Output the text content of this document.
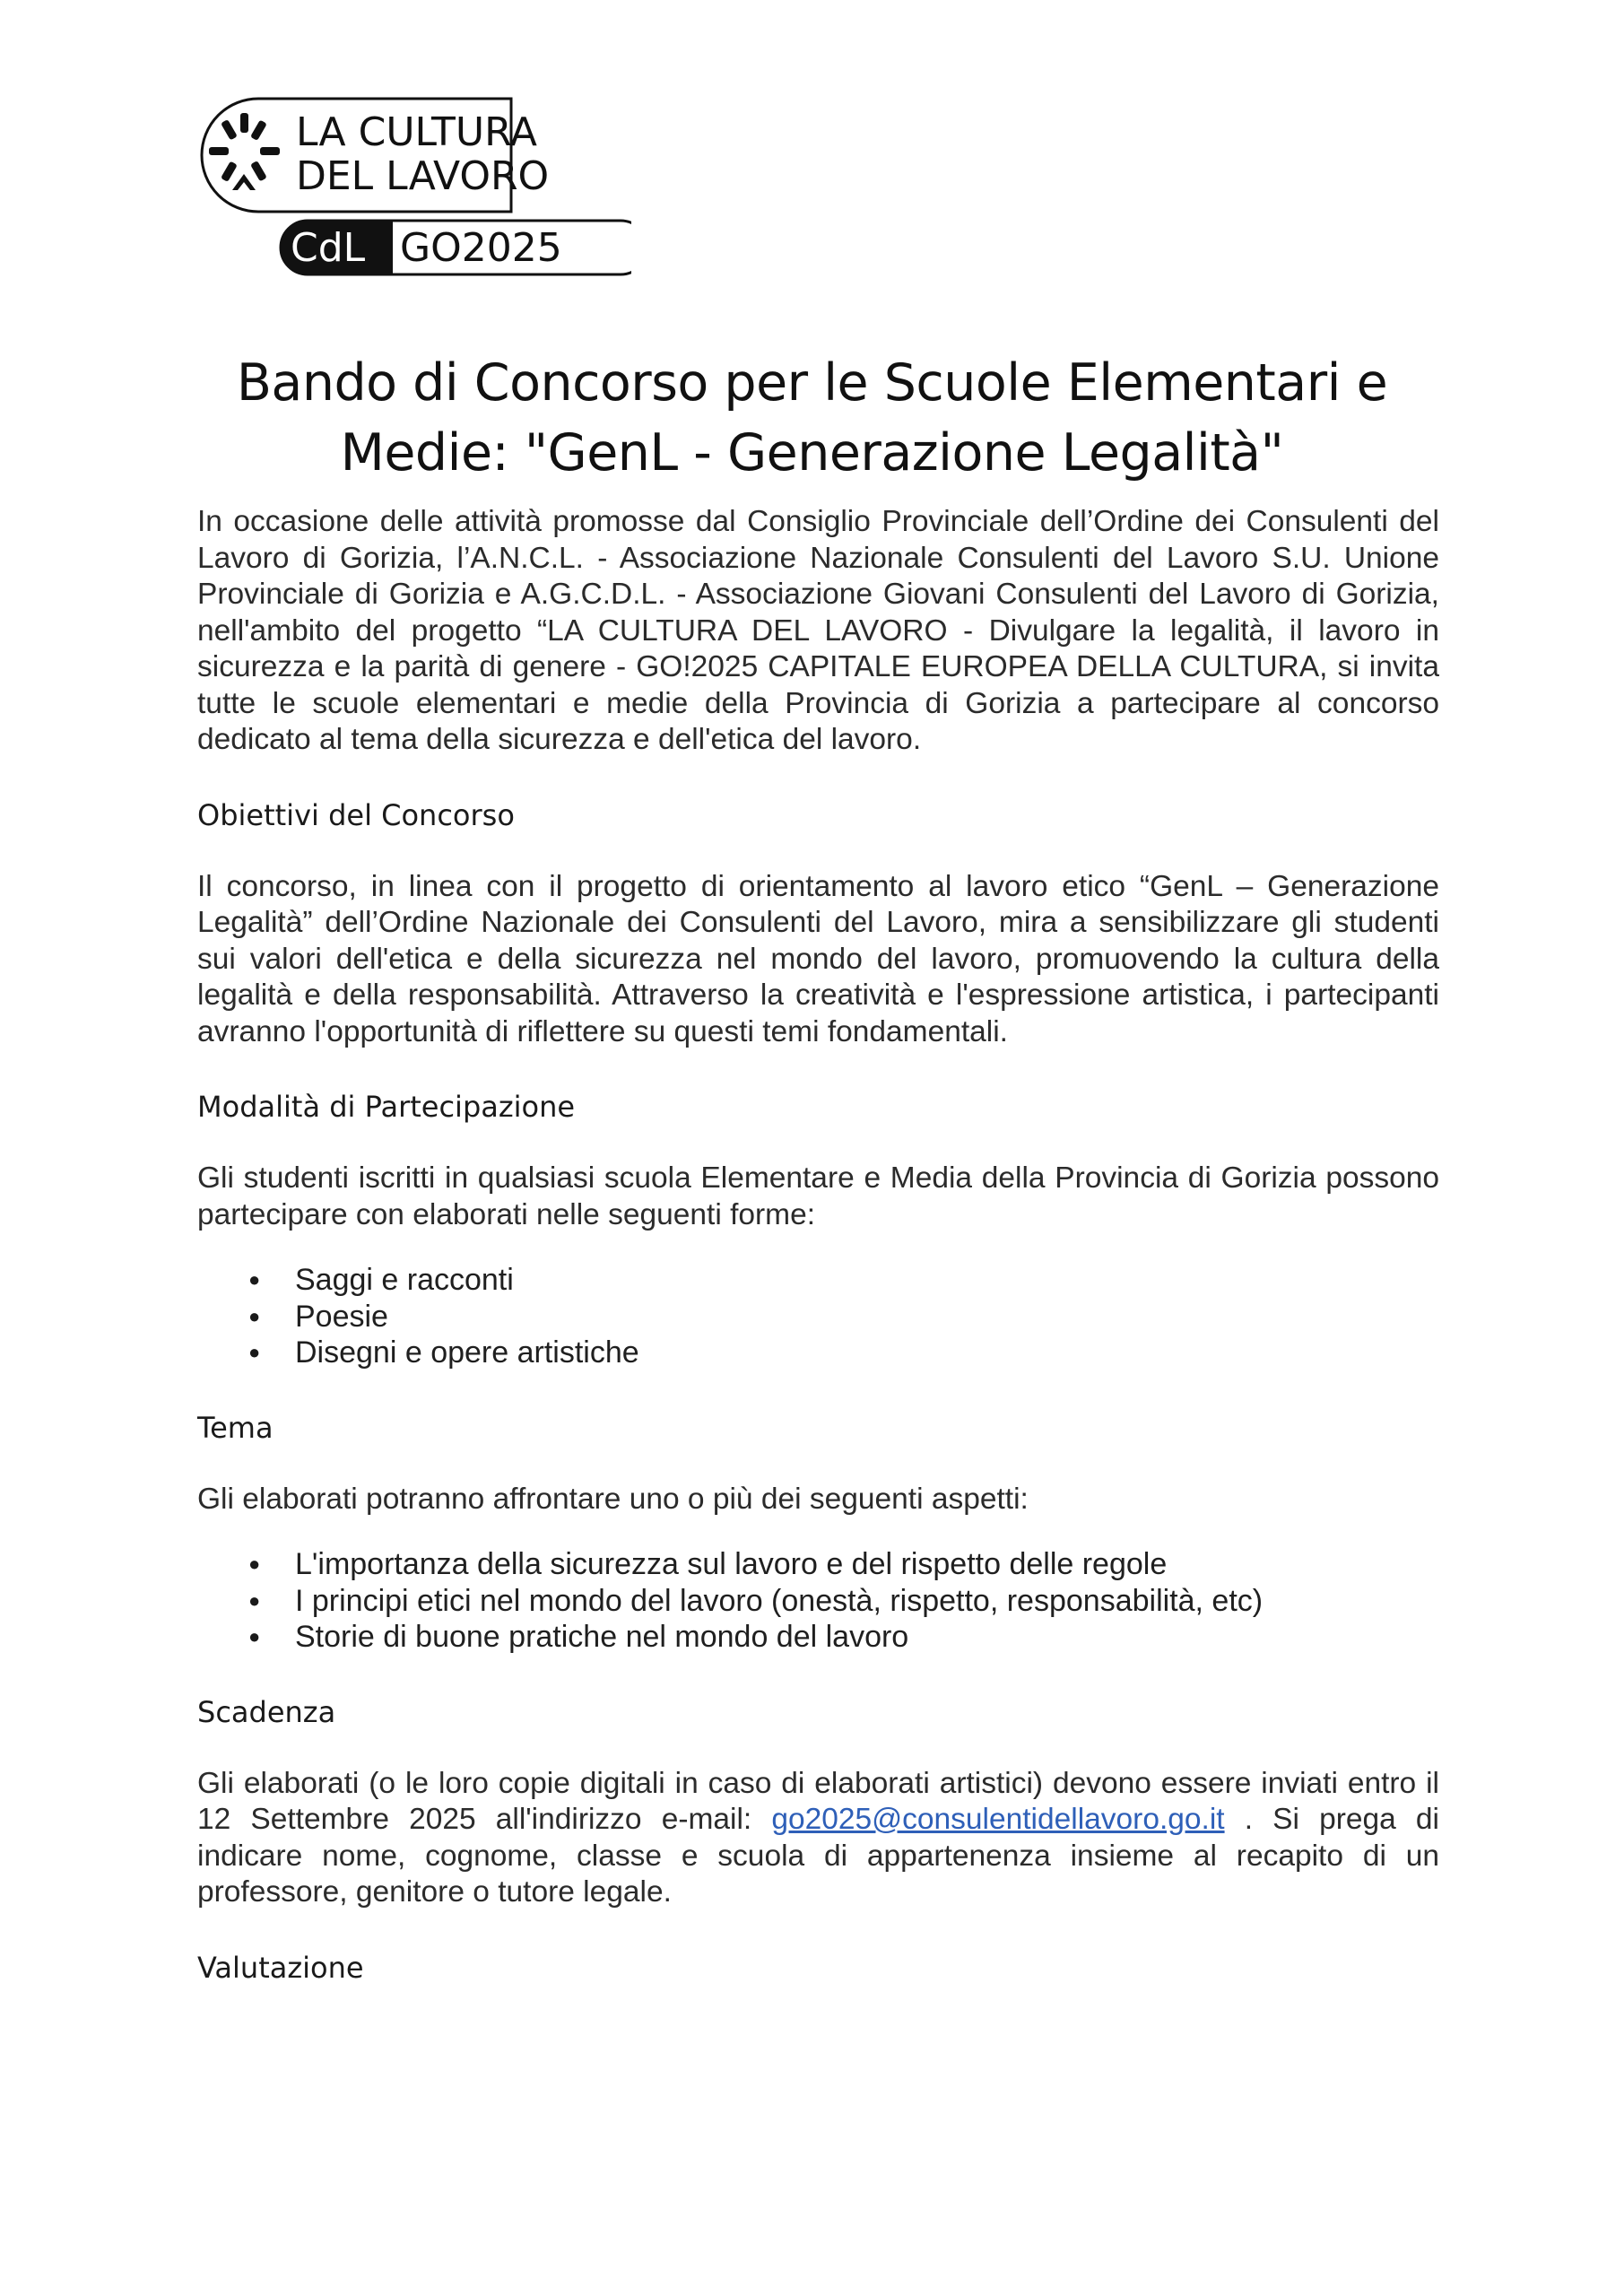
LA CULTURA
DEL LAVORO
CdL GO2025
Bando di Concorso per le Scuole Elementari e
Medie: "GenL - Generazione Legalità"

In occasione delle attività promosse dal Consiglio Provinciale dell’Ordine dei Consulenti del Lavoro di Gorizia, l’A.N.C.L. - Associazione Nazionale Consulenti del Lavoro S.U. Unione Provinciale di Gorizia e A.G.C.D.L. - Associazione Giovani Consulenti del Lavoro di Gorizia, nell'ambito del progetto “LA CULTURA DEL LAVORO - Divulgare la legalità, il lavoro in sicurezza e la parità di genere - GO!2025 CAPITALE EUROPEA DELLA CULTURA, si invita tutte le scuole elementari e medie della Provincia di Gorizia a partecipare al concorso dedicato al tema della sicurezza e dell'etica del lavoro.

Obiettivi del Concorso

Il concorso, in linea con il progetto di orientamento al lavoro etico “GenL – Generazione Legalità” dell’Ordine Nazionale dei Consulenti del Lavoro, mira a sensibilizzare gli studenti sui valori dell'etica e della sicurezza nel mondo del lavoro, promuovendo la cultura della legalità e della responsabilità. Attraverso la creatività e l'espressione artistica, i partecipanti avranno l'opportunità di riflettere su questi temi fondamentali.

Modalità di Partecipazione

Gli studenti iscritti in qualsiasi scuola Elementare e Media della Provincia di Gorizia possono partecipare con elaborati nelle seguenti forme:

● Saggi e racconti
● Poesie
● Disegni e opere artistiche
Tema

Gli elaborati potranno affrontare uno o più dei seguenti aspetti:

● L'importanza della sicurezza sul lavoro e del rispetto delle regole
● I principi etici nel mondo del lavoro (onestà, rispetto, responsabilità, etc)
● Storie di buone pratiche nel mondo del lavoro
Scadenza

Gli elaborati (o le loro copie digitali in caso di elaborati artistici) devono essere inviati entro il 12 Settembre 2025 all'indirizzo e-mail: go2025@consulentidellavoro.go.it . Si prega di indicare nome, cognome, classe e scuola di appartenenza insieme al recapito di un professore, genitore o tutore legale.

Valutazione
